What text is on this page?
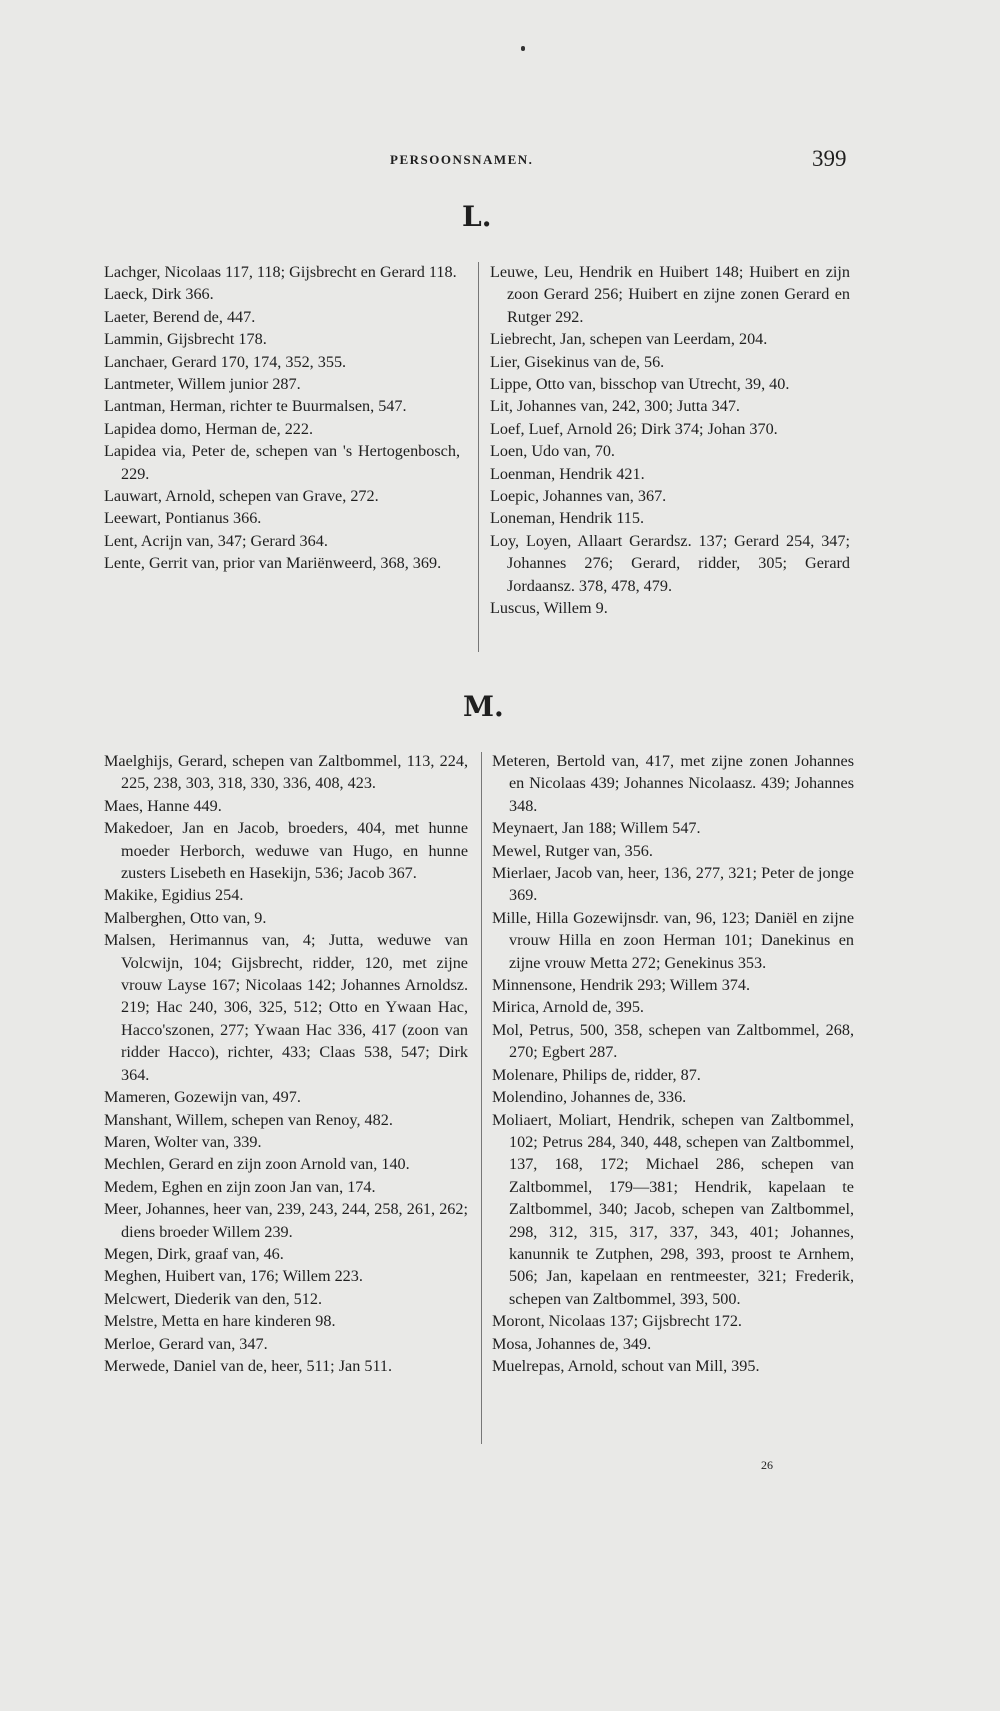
PERSOONSNAMEN.	399
L.
Lachger, Nicolaas 117, 118; Gijsbrecht en Gerard 118.
Laeck, Dirk 366.
Laeter, Berend de, 447.
Lammin, Gijsbrecht 178.
Lanchaer, Gerard 170, 174, 352, 355.
Lantmeter, Willem junior 287.
Lantman, Herman, richter te Buurmalsen, 547.
Lapidea domo, Herman de, 222.
Lapidea via, Peter de, schepen van 's Hertogenbosch, 229.
Lauwart, Arnold, schepen van Grave, 272.
Leewart, Pontianus 366.
Lent, Acrijn van, 347; Gerard 364.
Lente, Gerrit van, prior van Mariënweerd, 368, 369.
Leuwe, Leu, Hendrik en Huibert 148; Huibert en zijn zoon Gerard 256; Huibert en zijne zonen Gerard en Rutger 292.
Liebrecht, Jan, schepen van Leerdam, 204.
Lier, Gisekinus van de, 56.
Lippe, Otto van, bisschop van Utrecht, 39, 40.
Lit, Johannes van, 242, 300; Jutta 347.
Loef, Luef, Arnold 26; Dirk 374; Johan 370.
Loen, Udo van, 70.
Loenman, Hendrik 421.
Loepic, Johannes van, 367.
Loneman, Hendrik 115.
Loy, Loyen, Allaart Gerardsz. 137; Gerard 254, 347; Johannes 276; Gerard, ridder, 305; Gerard Jordaansz. 378, 478, 479.
Luscus, Willem 9.
M.
Maelghijs, Gerard, schepen van Zaltbommel, 113, 224, 225, 238, 303, 318, 330, 336, 408, 423.
Maes, Hanne 449.
Makedoer, Jan en Jacob, broeders, 404, met hunne moeder Herborch, weduwe van Hugo, en hunne zusters Lisebeth en Hasekijn, 536; Jacob 367.
Makike, Egidius 254.
Malberghen, Otto van, 9.
Malsen, Herimannus van, 4; Jutta, weduwe van Volcwijn, 104; Gijsbrecht, ridder, 120, met zijne vrouw Layse 167; Nicolaas 142; Johannes Arnoldsz. 219; Hac 240, 306, 325, 512; Otto en Ywaan Hac, Hacco'szonen, 277; Ywaan Hac 336, 417 (zoon van ridder Hacco), richter, 433; Claas 538, 547; Dirk 364.
Mameren, Gozewijn van, 497.
Manshant, Willem, schepen van Renoy, 482.
Maren, Wolter van, 339.
Mechlen, Gerard en zijn zoon Arnold van, 140.
Medem, Eghen en zijn zoon Jan van, 174.
Meer, Johannes, heer van, 239, 243, 244, 258, 261, 262; diens broeder Willem 239.
Megen, Dirk, graaf van, 46.
Meghen, Huibert van, 176; Willem 223.
Melcwert, Diederik van den, 512.
Melstre, Metta en hare kinderen 98.
Merloe, Gerard van, 347.
Merwede, Daniel van de, heer, 511; Jan 511.
Meteren, Bertold van, 417, met zijne zonen Johannes en Nicolaas 439; Johannes Nicolaasz. 439; Johannes 348.
Meynaert, Jan 188; Willem 547.
Mewel, Rutger van, 356.
Mierlaer, Jacob van, heer, 136, 277, 321; Peter de jonge 369.
Mille, Hilla Gozewijnsdr. van, 96, 123; Daniël en zijne vrouw Hilla en zoon Herman 101; Danekinus en zijne vrouw Metta 272; Genekinus 353.
Minnensone, Hendrik 293; Willem 374.
Mirica, Arnold de, 395.
Mol, Petrus, 500, 358, schepen van Zaltbommel, 268, 270; Egbert 287.
Molenare, Philips de, ridder, 87.
Molendino, Johannes de, 336.
Moliaert, Moliart, Hendrik, schepen van Zaltbommel, 102; Petrus 284, 340, 448, schepen van Zaltbommel, 137, 168, 172; Michael 286, schepen van Zaltbommel, 179—381; Hendrik, kapelaan te Zaltbommel, 340; Jacob, schepen van Zaltbommel, 298, 312, 315, 317, 337, 343, 401; Johannes, kanunnik te Zutphen, 298, 393, proost te Arnhem, 506; Jan, kapelaan en rentmeester, 321; Frederik, schepen van Zaltbommel, 393, 500.
Moront, Nicolaas 137; Gijsbrecht 172.
Mosa, Johannes de, 349.
Muelrepas, Arnold, schout van Mill, 395.
26
